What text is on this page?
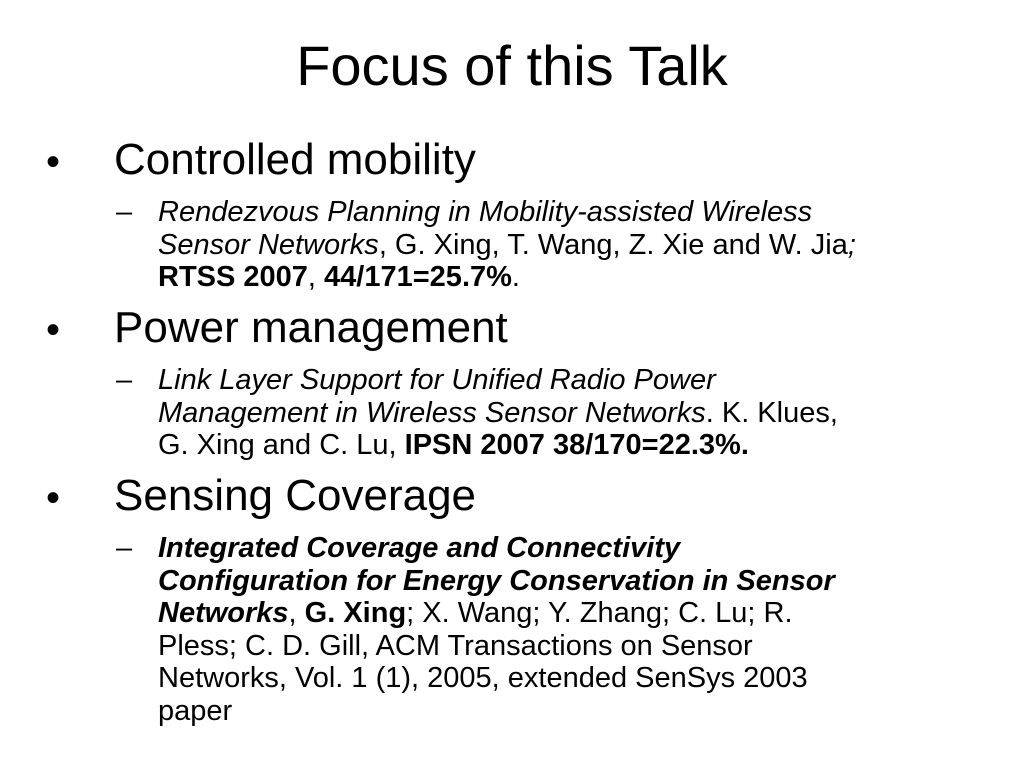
Focus of this Talk
• Controlled mobility
– Rendezvous Planning in Mobility-assisted Wireless
Sensor Networks, G. Xing, T. Wang, Z. Xie and W. Jia;
RTSS 2007, 44/171=25.7%.
• Power management
– Link Layer Support for Unified Radio Power
Management in Wireless Sensor Networks. K. Klues,
G. Xing and C. Lu, IPSN 2007 38/170=22.3%.
• Sensing Coverage
– Integrated Coverage and Connectivity
Configuration for Energy Conservation in Sensor
Networks, G. Xing; X. Wang; Y. Zhang; C. Lu; R.
Pless; C. D. Gill, ACM Transactions on Sensor
Networks, Vol. 1 (1), 2005, extended SenSys 2003
paper
